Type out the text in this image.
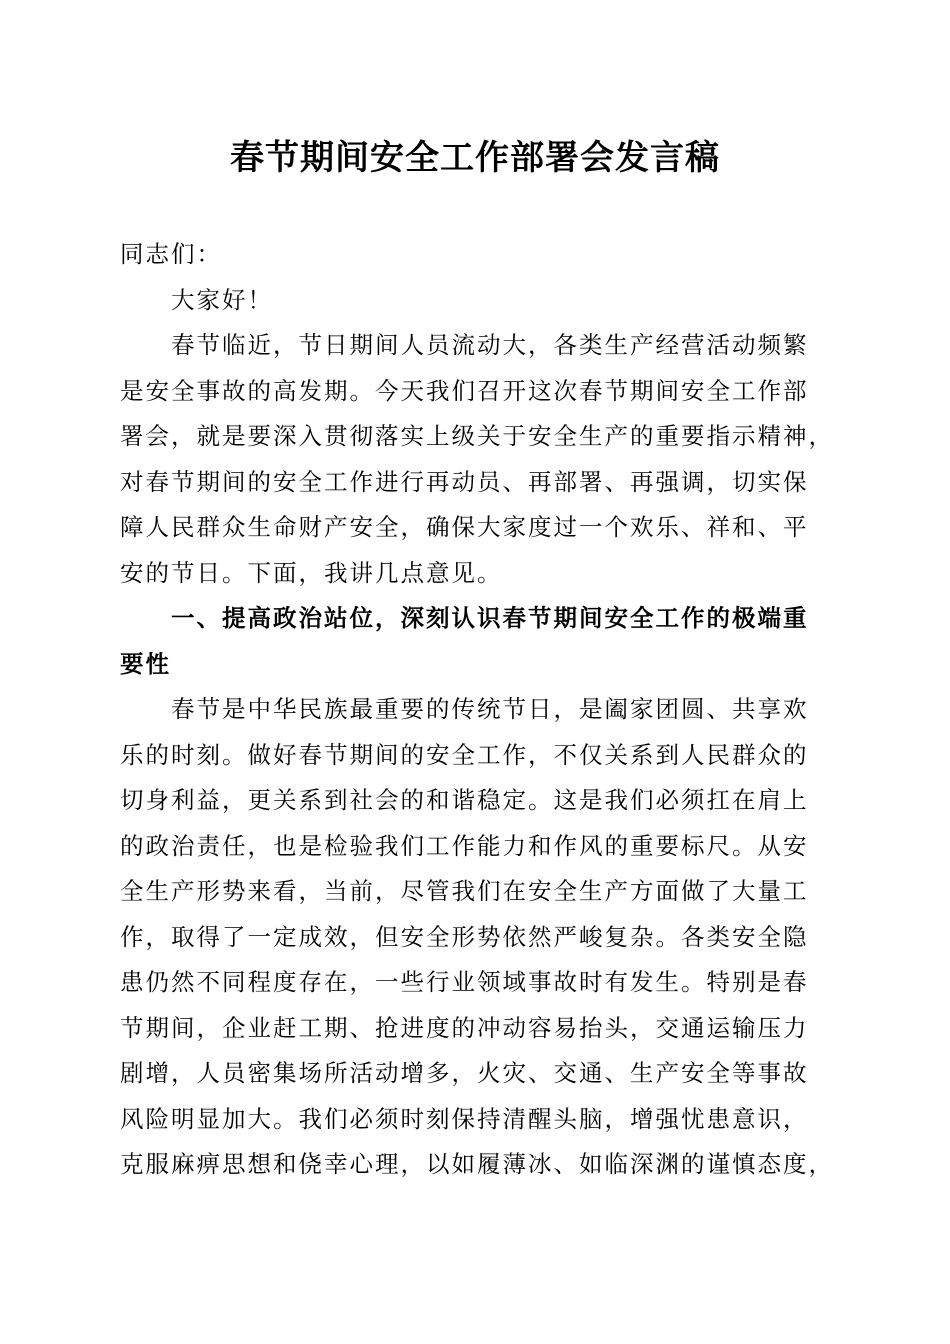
春节期间安全工作部署会发言稿
同志们：
大家好！
春节临近，节日期间人员流动大，各类生产经营活动频繁
是安全事故的高发期。今天我们召开这次春节期间安全工作部
署会，就是要深入贯彻落实上级关于安全生产的重要指示精神，
对春节期间的安全工作进行再动员、再部署、再强调，切实保
障人民群众生命财产安全，确保大家度过一个欢乐、祥和、平
安的节日。下面，我讲几点意见。
一、提高政治站位，深刻认识春节期间安全工作的极端重
要性
春节是中华民族最重要的传统节日，是阖家团圆、共享欢
乐的时刻。做好春节期间的安全工作，不仅关系到人民群众的
切身利益，更关系到社会的和谐稳定。这是我们必须扛在肩上
的政治责任，也是检验我们工作能力和作风的重要标尺。从安
全生产形势来看，当前，尽管我们在安全生产方面做了大量工
作，取得了一定成效，但安全形势依然严峻复杂。各类安全隐
患仍然不同程度存在，一些行业领域事故时有发生。特别是春
节期间，企业赶工期、抢进度的冲动容易抬头，交通运输压力
剧增，人员密集场所活动增多，火灾、交通、生产安全等事故
风险明显加大。我们必须时刻保持清醒头脑，增强忧患意识，
克服麻痹思想和侥幸心理，以如履薄冰、如临深渊的谨慎态度，
